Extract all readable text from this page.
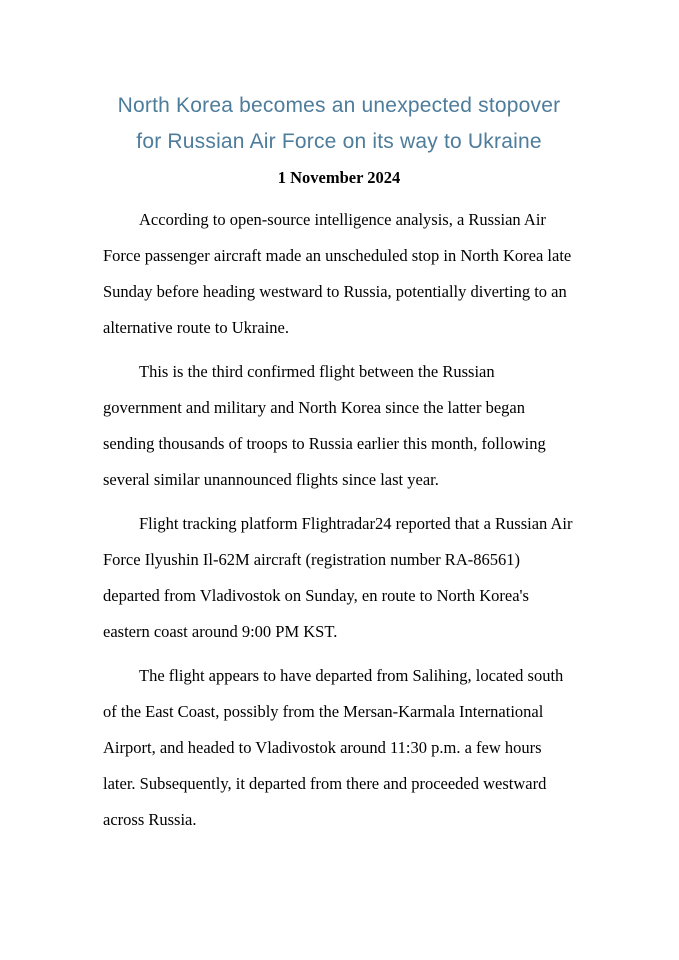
North Korea becomes an unexpected stopover
for Russian Air Force on its way to Ukraine
1 November 2024

According to open-source intelligence analysis, a Russian Air Force passenger aircraft made an unscheduled stop in North Korea late Sunday before heading westward to Russia, potentially diverting to an alternative route to Ukraine.

This is the third confirmed flight between the Russian government and military and North Korea since the latter began sending thousands of troops to Russia earlier this month, following several similar unannounced flights since last year.

Flight tracking platform Flightradar24 reported that a Russian Air Force Ilyushin Il-62M aircraft (registration number RA-86561) departed from Vladivostok on Sunday, en route to North Korea's eastern coast around 9:00 PM KST.

The flight appears to have departed from Salihing, located south of the East Coast, possibly from the Mersan-Karmala International Airport, and headed to Vladivostok around 11:30 p.m. a few hours later. Subsequently, it departed from there and proceeded westward across Russia.
